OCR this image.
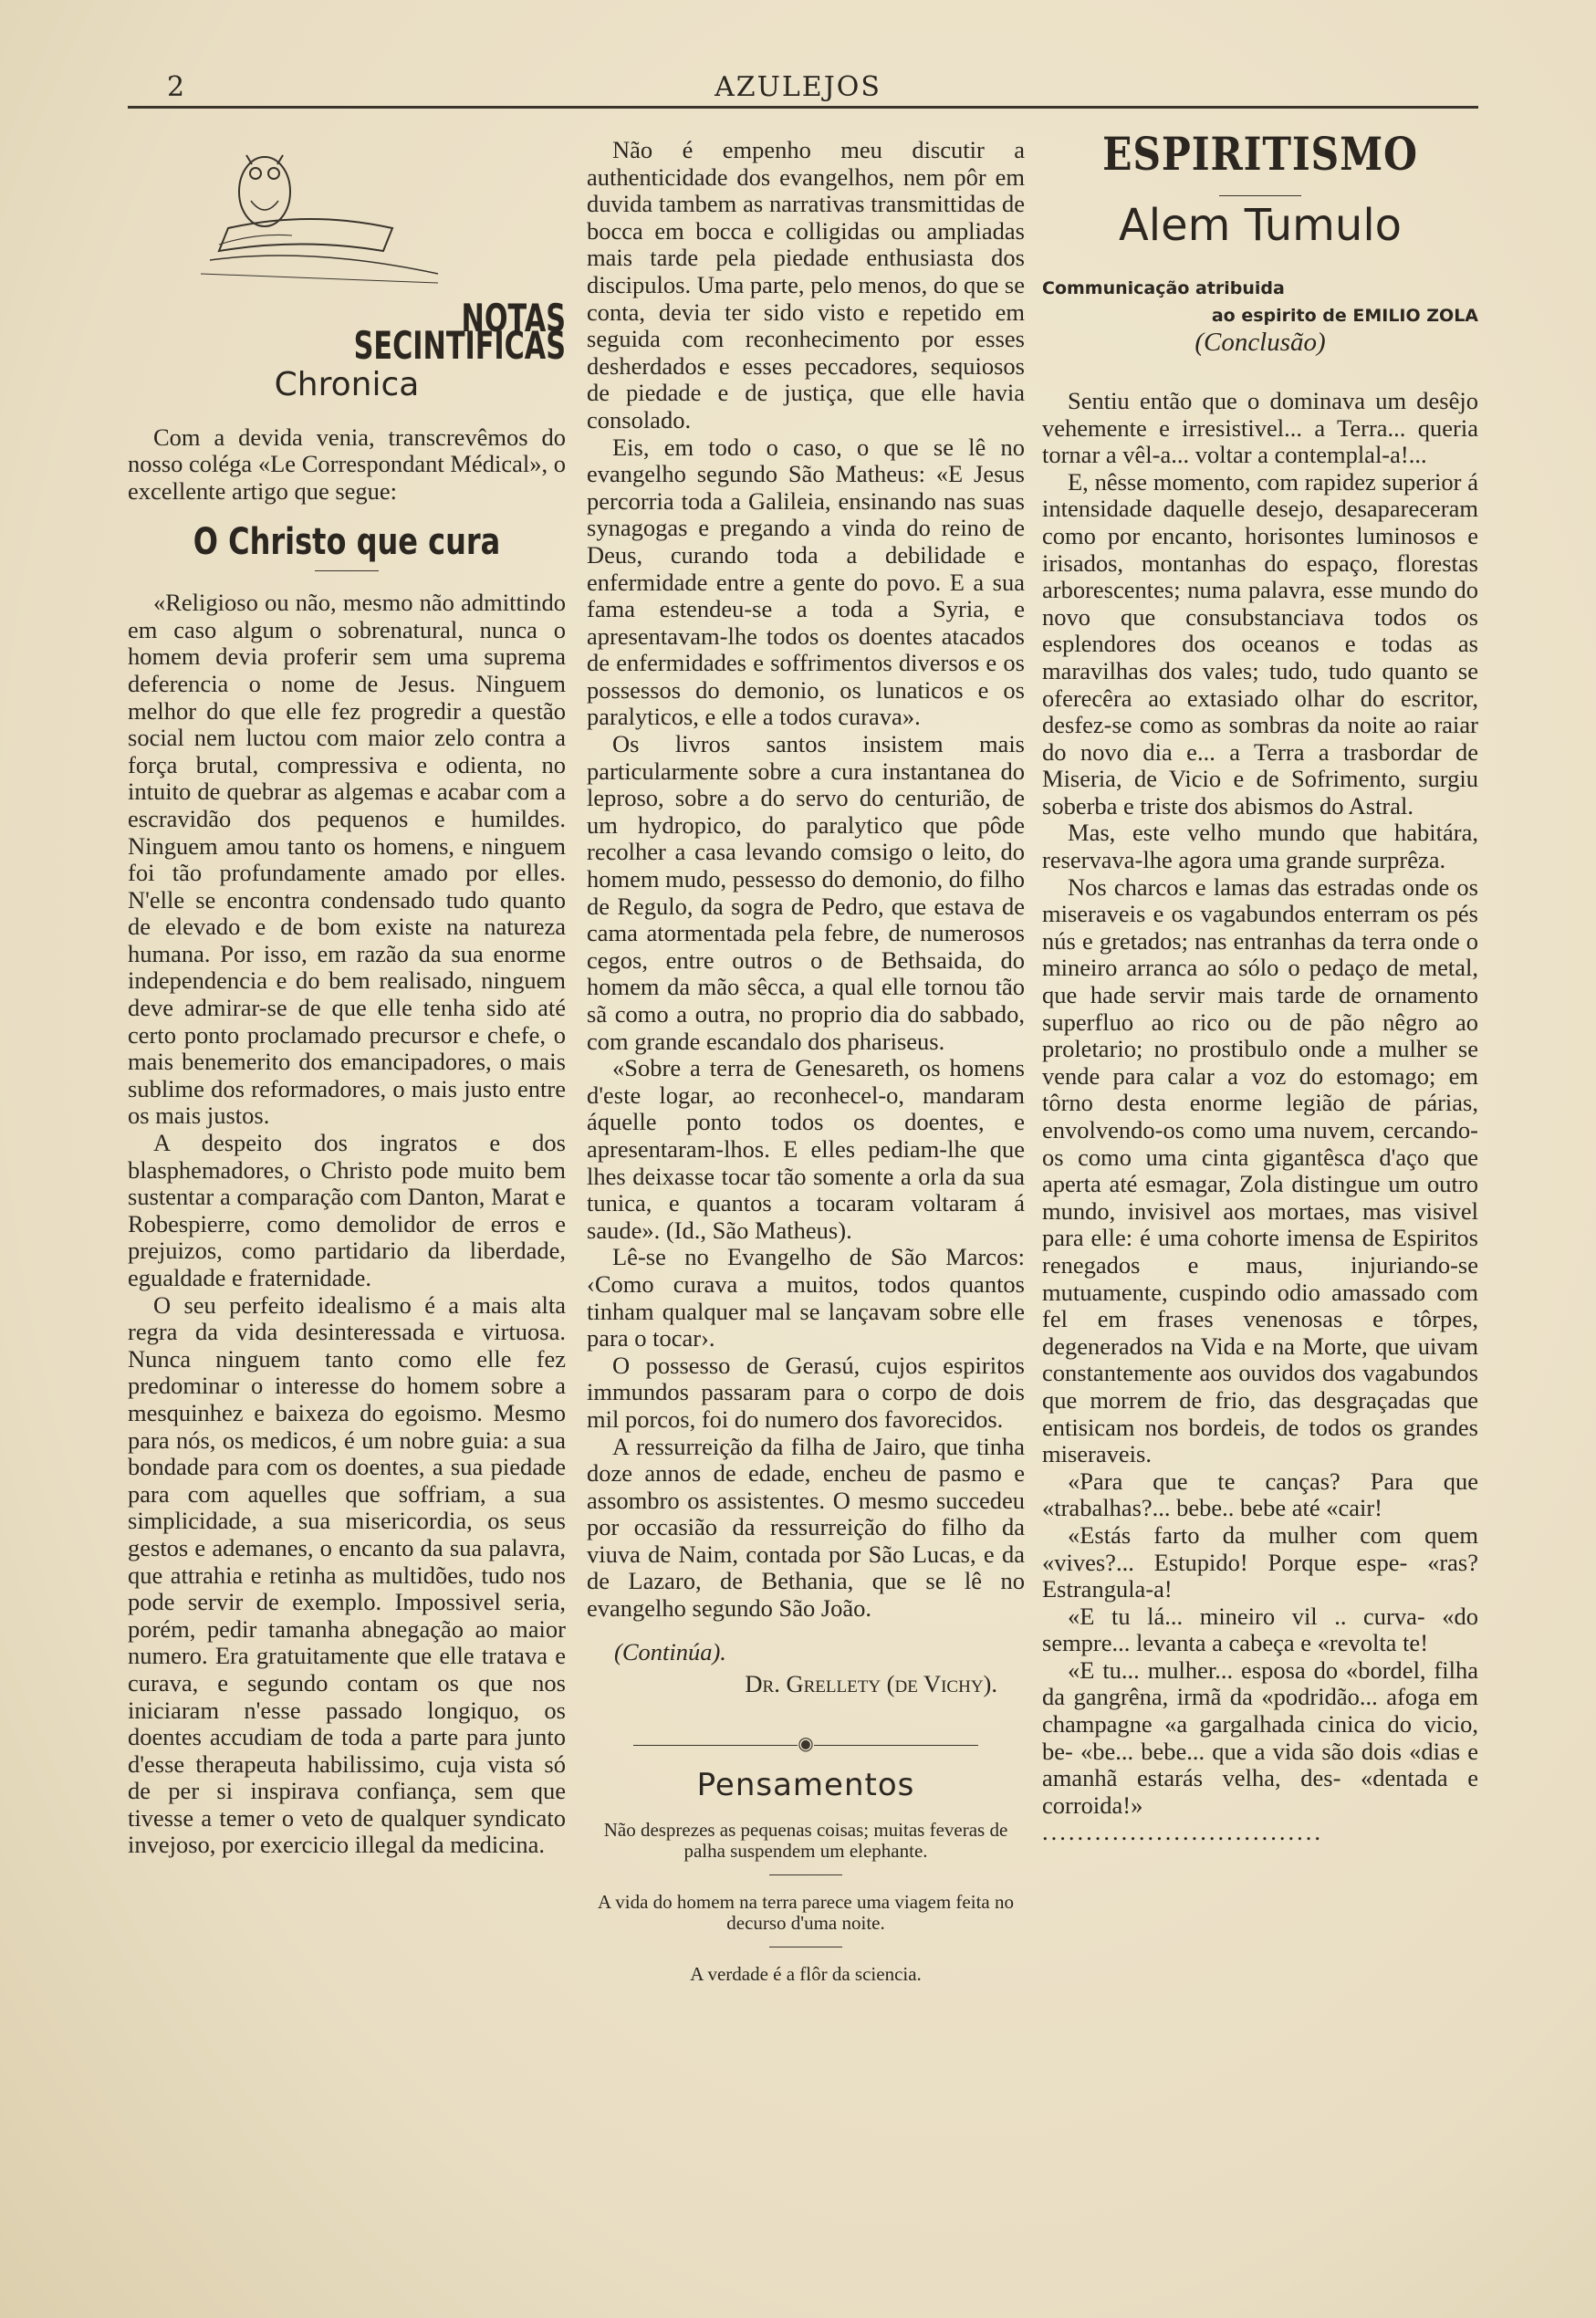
2	AZULEJOS
NOTAS SECINTIFICAS
Chronica

Com a devida venia, transcrevêmos do nosso coléga «Le Correspondant Médical», o excellente artigo que segue:

O Christo que cura

«Religioso ou não, mesmo não admittindo em caso algum o sobrenatural, nunca o homem devia proferir sem uma suprema deferencia o nome de Jesus. Ninguem melhor do que elle fez progredir a questão social nem luctou com maior zelo contra a força brutal, compressiva e odienta, no intuito de quebrar as algemas e acabar com a escravidão dos pequenos e humildes. Ninguem amou tanto os homens, e ninguem foi tão profundamente amado por elles. N'elle se encontra condensado tudo quanto de elevado e de bom existe na natureza humana. Por isso, em razão da sua enorme independencia e do bem realisado, ninguem deve admirar-se de que elle tenha sido até certo ponto proclamado precursor e chefe, o mais benemerito dos emancipadores, o mais sublime dos reformadores, o mais justo entre os mais justos.

A despeito dos ingratos e dos blasphemadores, o Christo pode muito bem sustentar a comparação com Danton, Marat e Robespierre, como demolidor de erros e prejuizos, como partidario da liberdade, egualdade e fraternidade.

O seu perfeito idealismo é a mais alta regra da vida desinteressada e virtuosa. Nunca ninguem tanto como elle fez predominar o interesse do homem sobre a mesquinhez e baixeza do egoismo. Mesmo para nós, os medicos, é um nobre guia: a sua bondade para com os doentes, a sua piedade para com aquelles que soffriam, a sua simplicidade, a sua misericordia, os seus gestos e ademanes, o encanto da sua palavra, que attrahia e retinha as multidões, tudo nos pode servir de exemplo. Impossivel seria, porém, pedir tamanha abnegação ao maior numero. Era gratuitamente que elle tratava e curava, e segundo contam os que nos iniciaram n'esse passado longiquo, os doentes accudiam de toda a parte para junto d'esse therapeuta habilissimo, cuja vista só de per si inspirava confiança, sem que tivesse a temer o veto de qualquer syndicato invejoso, por exercicio illegal da medicina.

Não é empenho meu discutir a authenticidade dos evangelhos, nem pôr em duvida tambem as narrativas transmittidas de bocca em bocca e colligidas ou ampliadas mais tarde pela piedade enthusiasta dos discipulos. Uma parte, pelo menos, do que se conta, devia ter sido visto e repetido em seguida com reconhecimento por esses desherdados e esses peccadores, sequiosos de piedade e de justiça, que elle havia consolado.

Eis, em todo o caso, o que se lê no evangelho segundo São Matheus: «E Jesus percorria toda a Galileia, ensinando nas suas synagogas e pregando a vinda do reino de Deus, curando toda a debilidade e enfermidade entre a gente do povo. E a sua fama estendeu-se a toda a Syria, e apresentavam-lhe todos os doentes atacados de enfermidades e soffrimentos diversos e os possessos do demonio, os lunaticos e os paralyticos, e elle a todos curava».

Os livros santos insistem mais particularmente sobre a cura instantanea do leproso, sobre a do servo do centurião, de um hydropico, do paralytico que pôde recolher a casa levando comsigo o leito, do homem mudo, pessesso do demonio, do filho de Regulo, da sogra de Pedro, que estava de cama atormentada pela febre, de numerosos cegos, entre outros o de Bethsaida, do homem da mão sêcca, a qual elle tornou tão sã como a outra, no proprio dia do sabbado, com grande escandalo dos phariseus.

«Sobre a terra de Genesareth, os homens d'este logar, ao reconhecel-o, mandaram áquelle ponto todos os doentes, e apresentaram-lhos. E elles pediam-lhe que lhes deixasse tocar tão somente a orla da sua tunica, e quantos a tocaram voltaram á saude». (Id., São Matheus).

Lê-se no Evangelho de São Marcos: ‹Como curava a muitos, todos quantos tinham qualquer mal se lançavam sobre elle para o tocar›.

O possesso de Gerasú, cujos espiritos immundos passaram para o corpo de dois mil porcos, foi do numero dos favorecidos.

A ressurreição da filha de Jairo, que tinha doze annos de edade, encheu de pasmo e assombro os assistentes. O mesmo succedeu por occasião da ressurreição do filho da viuva de Naim, contada por São Lucas, e da de Lazaro, de Bethania, que se lê no evangelho segundo São João.

(Continúa).

Dr. Grellety (de Vichy).

◉
Pensamentos

Não desprezes as pequenas coisas; muitas feveras de palha suspendem um elephante.

A vida do homem na terra parece uma viagem feita no decurso d'uma noite.

A verdade é a flôr da sciencia.

ESPIRITISMO
Alem Tumulo

Communicação atribuida

ao espirito de EMILIO ZOLA

(Conclusão)

Sentiu então que o dominava um desêjo vehemente e irresistivel... a Terra... queria tornar a vêl-a... voltar a contemplal-a!...

E, nêsse momento, com rapidez superior á intensidade daquelle desejo, desapareceram como por encanto, horisontes luminosos e irisados, montanhas do espaço, florestas arborescentes; numa palavra, esse mundo do novo que consubstanciava todos os esplendores dos oceanos e todas as maravilhas dos vales; tudo, tudo quanto se oferecêra ao extasiado olhar do escritor, desfez-se como as sombras da noite ao raiar do novo dia e... a Terra a trasbordar de Miseria, de Vicio e de Sofrimento, surgiu soberba e triste dos abismos do Astral.

Mas, este velho mundo que habitára, reservava-lhe agora uma grande surprêza.

Nos charcos e lamas das estradas onde os miseraveis e os vagabundos enterram os pés nús e gretados; nas entranhas da terra onde o mineiro arranca ao sólo o pedaço de metal, que hade servir mais tarde de ornamento superfluo ao rico ou de pão nêgro ao proletario; no prostibulo onde a mulher se vende para calar a voz do estomago; em tôrno desta enorme legião de párias, envolvendo-os como uma nuvem, cercando-os como uma cinta gigantêsca d'aço que aperta até esmagar, Zola distingue um outro mundo, invisivel aos mortaes, mas visivel para elle: é uma cohorte imensa de Espiritos renegados e maus, injuriando-se mutuamente, cuspindo odio amassado com fel em frases venenosas e tôrpes, degenerados na Vida e na Morte, que uivam constantemente aos ouvidos dos vagabundos que morrem de frio, das desgraçadas que entisicam nos bordeis, de todos os grandes miseraveis.

«Para que te canças? Para que «trabalhas?... bebe.. bebe até «cair!

«Estás farto da mulher com quem «vives?... Estupido! Porque espe- «ras? Estrangula-a!

«E tu lá... mineiro vil .. curva- «do sempre... levanta a cabeça e «revolta te!

«E tu... mulher... esposa do «bordel, filha da gangrêna, irmã da «podridão... afoga em champagne «a gargalhada cinica do vicio, be- «be... bebe... que a vida são dois «dias e amanhã estarás velha, des- «dentada e corroida!»

................................
